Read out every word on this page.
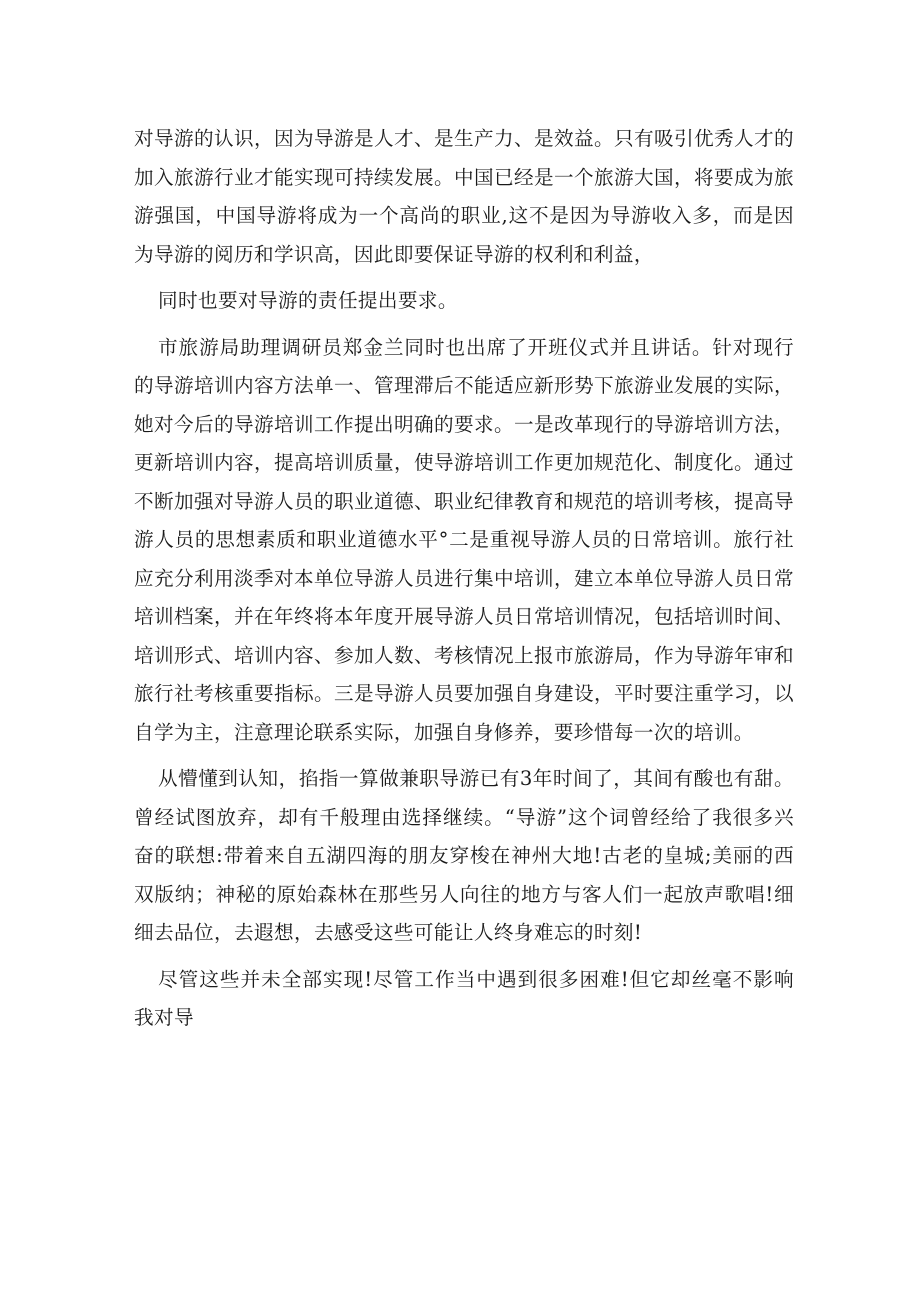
对导游的认识，因为导游是人才、是生产力、是效益。只有吸引优秀人才的加入旅游行业才能实现可持续发展。中国已经是一个旅游大国，将要成为旅游强国，中国导游将成为一个高尚的职业,这不是因为导游收入多，而是因为导游的阅历和学识高，因此即要保证导游的权利和利益，

同时也要对导游的责任提出要求。

市旅游局助理调研员郑金兰同时也出席了开班仪式并且讲话。针对现行的导游培训内容方法单一、管理滞后不能适应新形势下旅游业发展的实际，她对今后的导游培训工作提出明确的要求。一是改革现行的导游培训方法，更新培训内容，提高培训质量，使导游培训工作更加规范化、制度化。通过不断加强对导游人员的职业道德、职业纪律教育和规范的培训考核，提高导游人员的思想素质和职业道德水平°二是重视导游人员的日常培训。旅行社应充分利用淡季对本单位导游人员进行集中培训，建立本单位导游人员日常培训档案，并在年终将本年度开展导游人员日常培训情况，包括培训时间、培训形式、培训内容、参加人数、考核情况上报市旅游局，作为导游年审和旅行社考核重要指标。三是导游人员要加强自身建设，平时要注重学习，以自学为主，注意理论联系实际，加强自身修养，要珍惜每一次的培训。

从懵懂到认知，掐指一算做兼职导游已有3年时间了，其间有酸也有甜。曾经试图放弃，却有千般理由选择继续。“导游”这个词曾经给了我很多兴奋的联想:带着来自五湖四海的朋友穿梭在神州大地!古老的皇城;美丽的西双版纳；神秘的原始森林在那些另人向往的地方与客人们一起放声歌唱!细细去品位，去遐想，去感受这些可能让人终身难忘的时刻!

尽管这些并未全部实现!尽管工作当中遇到很多困难!但它却丝毫不影响我对导
